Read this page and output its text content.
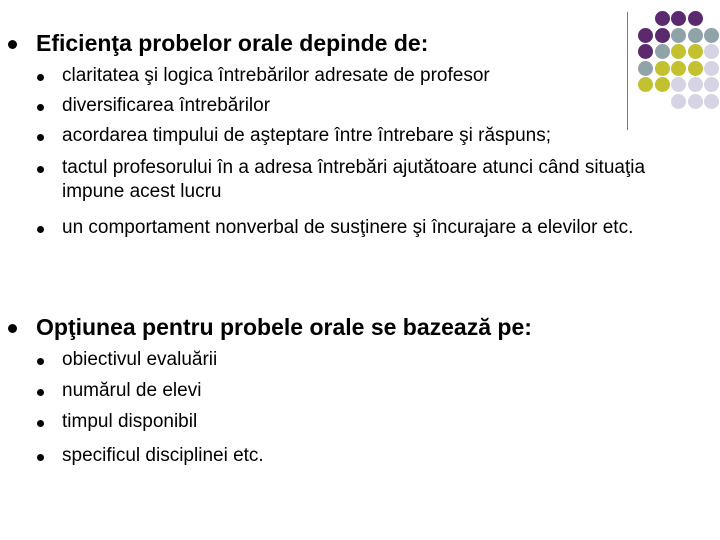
Eficienţa probelor orale depinde de:
claritatea şi logica întrebărilor adresate de profesor
diversificarea întrebărilor
acordarea timpului de aşteptare între întrebare şi răspuns;
tactul profesorului în a adresa întrebări ajutătoare atunci când situaţia impune acest lucru
un comportament nonverbal de susţinere şi încurajare a elevilor etc.
Opţiunea pentru probele orale se bazează pe:
obiectivul evaluării
numărul de elevi
timpul disponibil
specificul disciplinei etc.
